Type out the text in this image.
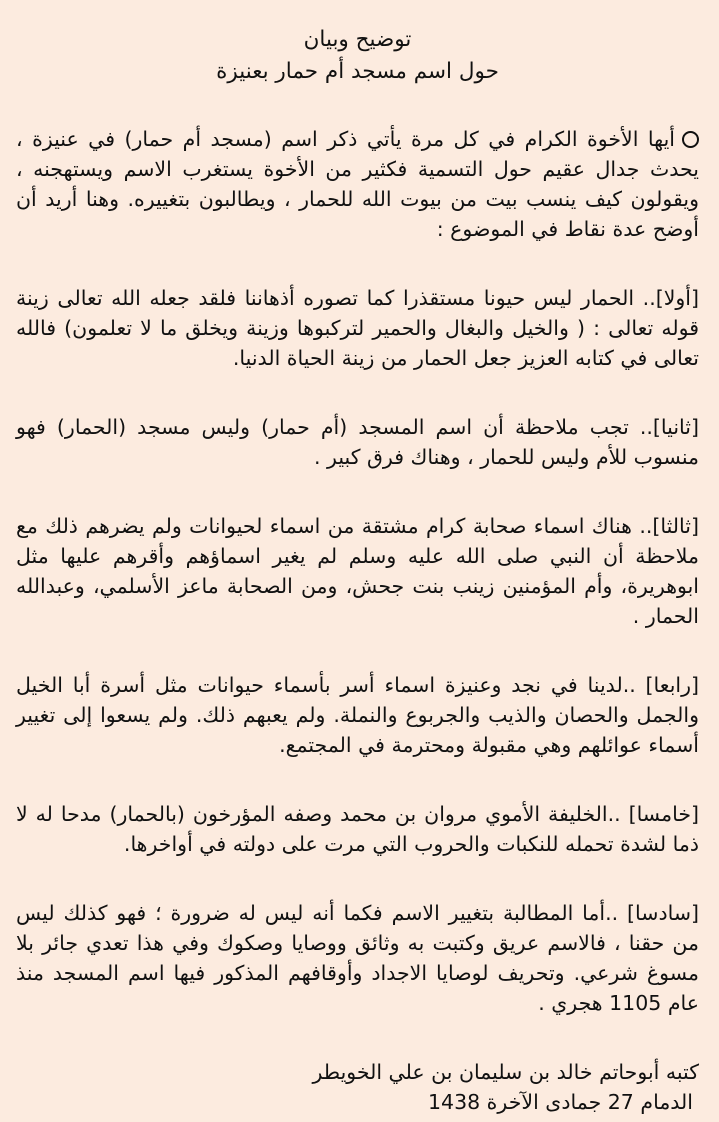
توضيح وبيان
حول اسم مسجد أم حمار بعنيزة

أيها الأخوة الكرام في كل مرة يأتي ذكر اسم (مسجد أم حمار) في عنيزة ، يحدث جدال عقيم حول التسمية فكثير من الأخوة يستغرب الاسم ويستهجنه ، ويقولون كيف ينسب بيت من بيوت الله للحمار ، ويطالبون بتغييره. وهنا أريد أن أوضح عدة نقاط في الموضوع :

[أولا].. الحمار ليس حيونا مستقذرا كما تصوره أذهاننا فلقد جعله الله تعالى زينة قوله تعالى : ( والخيل والبغال والحمير لتركبوها وزينة ويخلق ما لا تعلمون) فالله تعالى في كتابه العزيز جعل الحمار من زينة الحياة الدنيا.

[ثانيا].. تجب ملاحظة أن اسم المسجد (أم حمار) وليس مسجد (الحمار) فهو منسوب للأم وليس للحمار ، وهناك فرق كبير .

[ثالثا].. هناك اسماء صحابة كرام مشتقة من اسماء لحيوانات ولم يضرهم ذلك مع ملاحظة أن النبي صلى الله عليه وسلم لم يغير اسماؤهم وأقرهم عليها مثل ابوهريرة، وأم المؤمنين زينب بنت جحش، ومن الصحابة ماعز الأسلمي، وعبدالله الحمار .

[رابعا] ..لدينا في نجد وعنيزة اسماء أسر بأسماء حيوانات مثل أسرة أبا الخيل والجمل والحصان والذيب والجربوع والنملة. ولم يعبهم ذلك. ولم يسعوا إلى تغيير أسماء عوائلهم وهي مقبولة ومحترمة في المجتمع.

[خامسا] ..الخليفة الأموي مروان بن محمد وصفه المؤرخون (بالحمار) مدحا له لا ذما لشدة تحمله للنكبات والحروب التي مرت على دولته في أواخرها.

[سادسا] ..أما المطالبة بتغيير الاسم فكما أنه ليس له ضرورة ؛ فهو كذلك ليس من حقنا ، فالاسم عريق وكتبت به وثائق ووصايا وصكوك وفي هذا تعدي جائر بلا مسوغ شرعي. وتحريف لوصايا الاجداد وأوقافهم المذكور فيها اسم المسجد منذ عام 1105 هجري .

كتبه أبوحاتم خالد بن سليمان بن علي الخويطر
الدمام 27 جمادى الآخرة 1438
